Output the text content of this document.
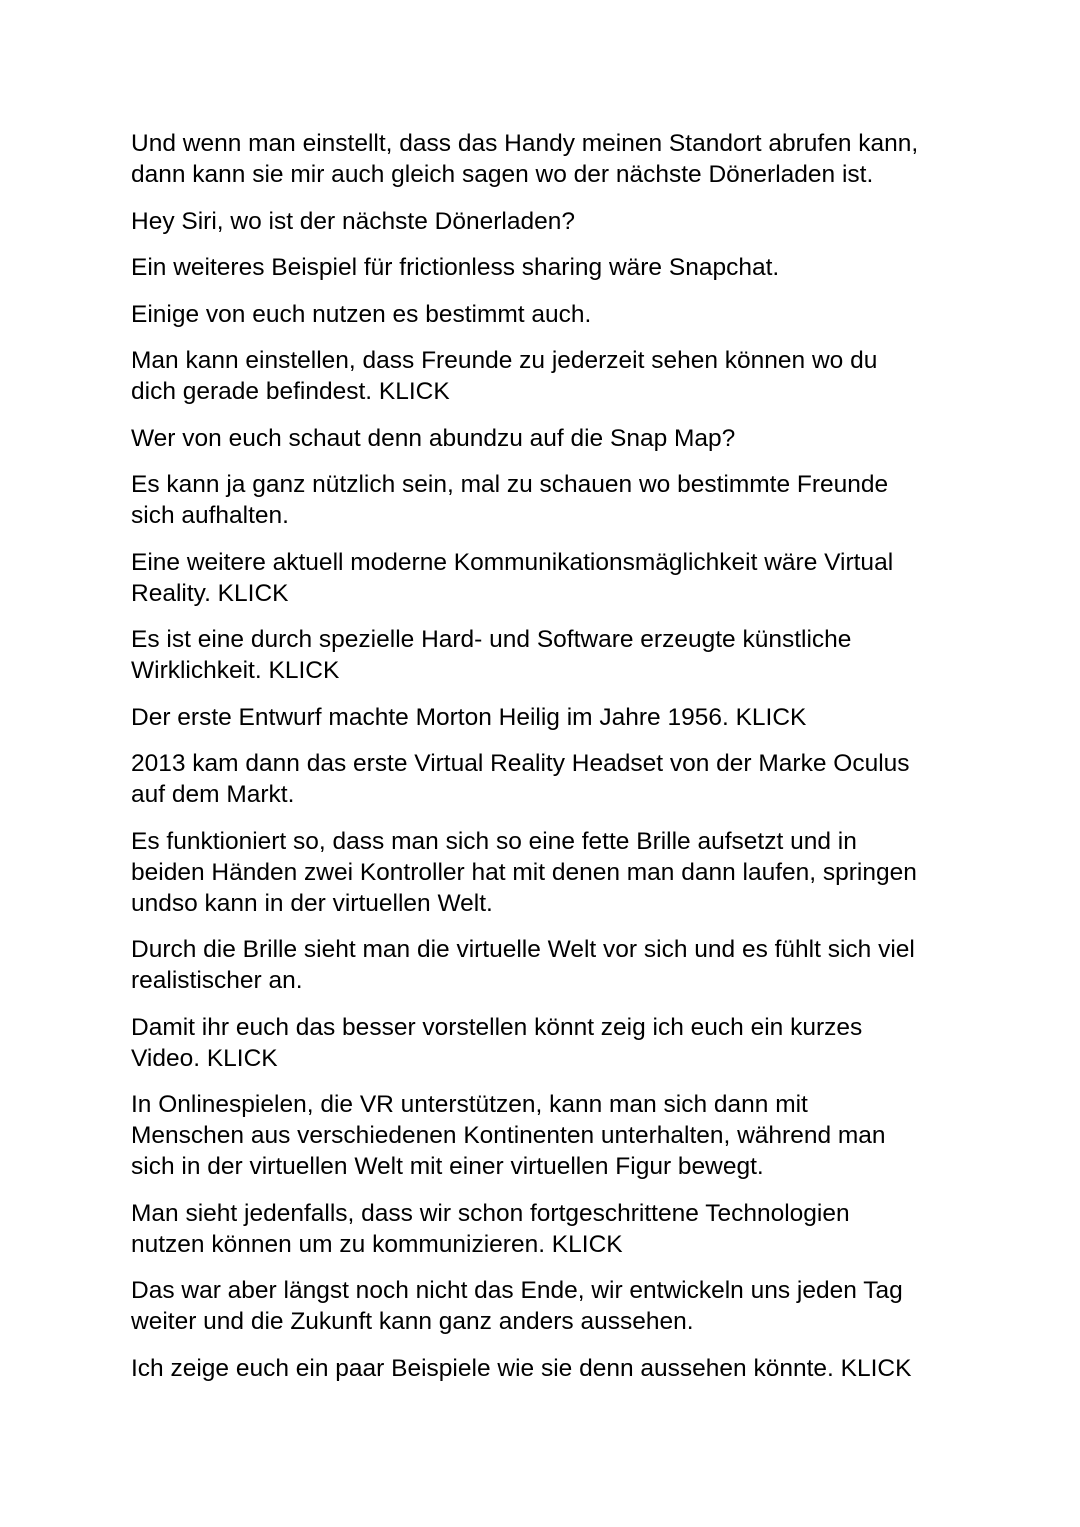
Und wenn man einstellt, dass das Handy meinen Standort abrufen kann,
dann kann sie mir auch gleich sagen wo der nächste Dönerladen ist.

Hey Siri, wo ist der nächste Dönerladen?

Ein weiteres Beispiel für frictionless sharing wäre Snapchat.

Einige von euch nutzen es bestimmt auch.

Man kann einstellen, dass Freunde zu jederzeit sehen können wo du
dich gerade befindest. KLICK

Wer von euch schaut denn abundzu auf die Snap Map?

Es kann ja ganz nützlich sein, mal zu schauen wo bestimmte Freunde
sich aufhalten.

Eine weitere aktuell moderne Kommunikationsmäglichkeit wäre Virtual
Reality. KLICK

Es ist eine durch spezielle Hard- und Software erzeugte künstliche
Wirklichkeit. KLICK

Der erste Entwurf machte Morton Heilig im Jahre 1956. KLICK

2013 kam dann das erste Virtual Reality Headset von der Marke Oculus
auf dem Markt.

Es funktioniert so, dass man sich so eine fette Brille aufsetzt und in
beiden Händen zwei Kontroller hat mit denen man dann laufen, springen
undso kann in der virtuellen Welt.

Durch die Brille sieht man die virtuelle Welt vor sich und es fühlt sich viel
realistischer an.

Damit ihr euch das besser vorstellen könnt zeig ich euch ein kurzes
Video. KLICK

In Onlinespielen, die VR unterstützen, kann man sich dann mit
Menschen aus verschiedenen Kontinenten unterhalten, während man
sich in der virtuellen Welt mit einer virtuellen Figur bewegt.

Man sieht jedenfalls, dass wir schon fortgeschrittene Technologien
nutzen können um zu kommunizieren. KLICK

Das war aber längst noch nicht das Ende, wir entwickeln uns jeden Tag
weiter und die Zukunft kann ganz anders aussehen.

Ich zeige euch ein paar Beispiele wie sie denn aussehen könnte. KLICK
